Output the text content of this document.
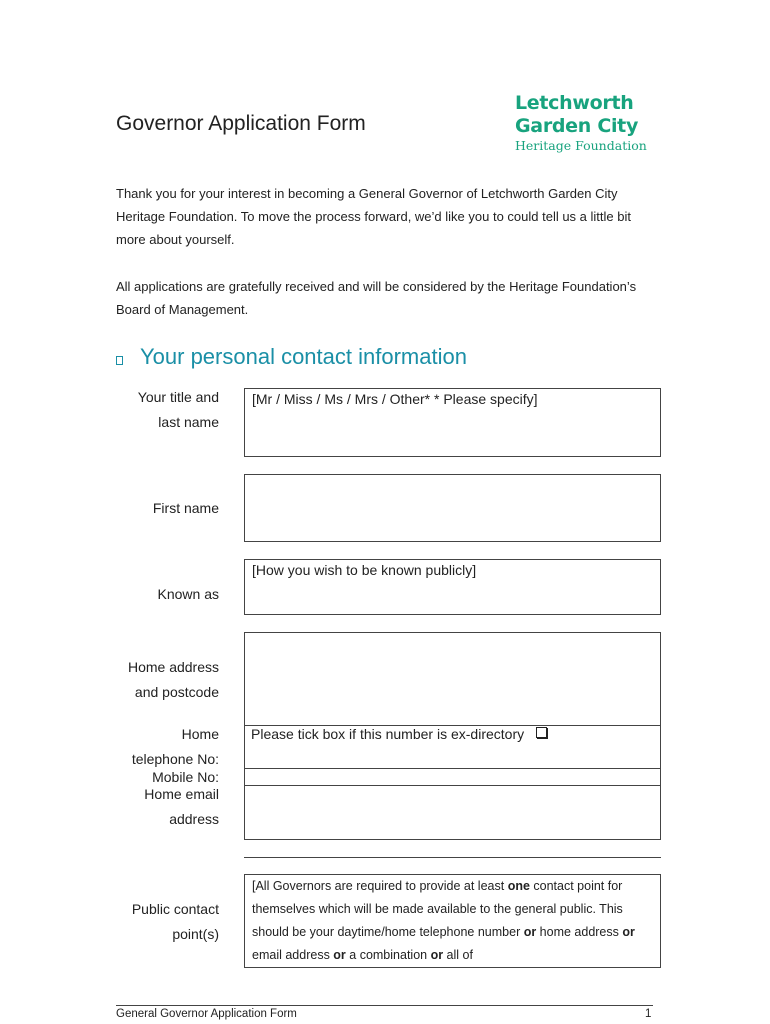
Governor Application Form
Letchworth
Garden City
Heritage Foundation
Thank you for your interest in becoming a General Governor of Letchworth Garden City Heritage Foundation. To move the process forward, we’d like you to could tell us a little bit more about yourself.
All applications are gratefully received and will be considered by the Heritage Foundation’s Board of Management.
Your personal contact information
Your title and
last name
[Mr / Miss / Ms / Mrs / Other* * Please specify]
First name
Known as
[How you wish to be known publicly]
Home address
and postcode
Home
telephone No:
Please tick box if this number is ex-directory
Mobile No:
Home email
address
Public contact
point(s)
[All Governors are required to provide at least one contact point for themselves which will be made available to the general public. This should be your daytime/home telephone number or home address or email address or a combination or all of
General Governor Application Form	1
